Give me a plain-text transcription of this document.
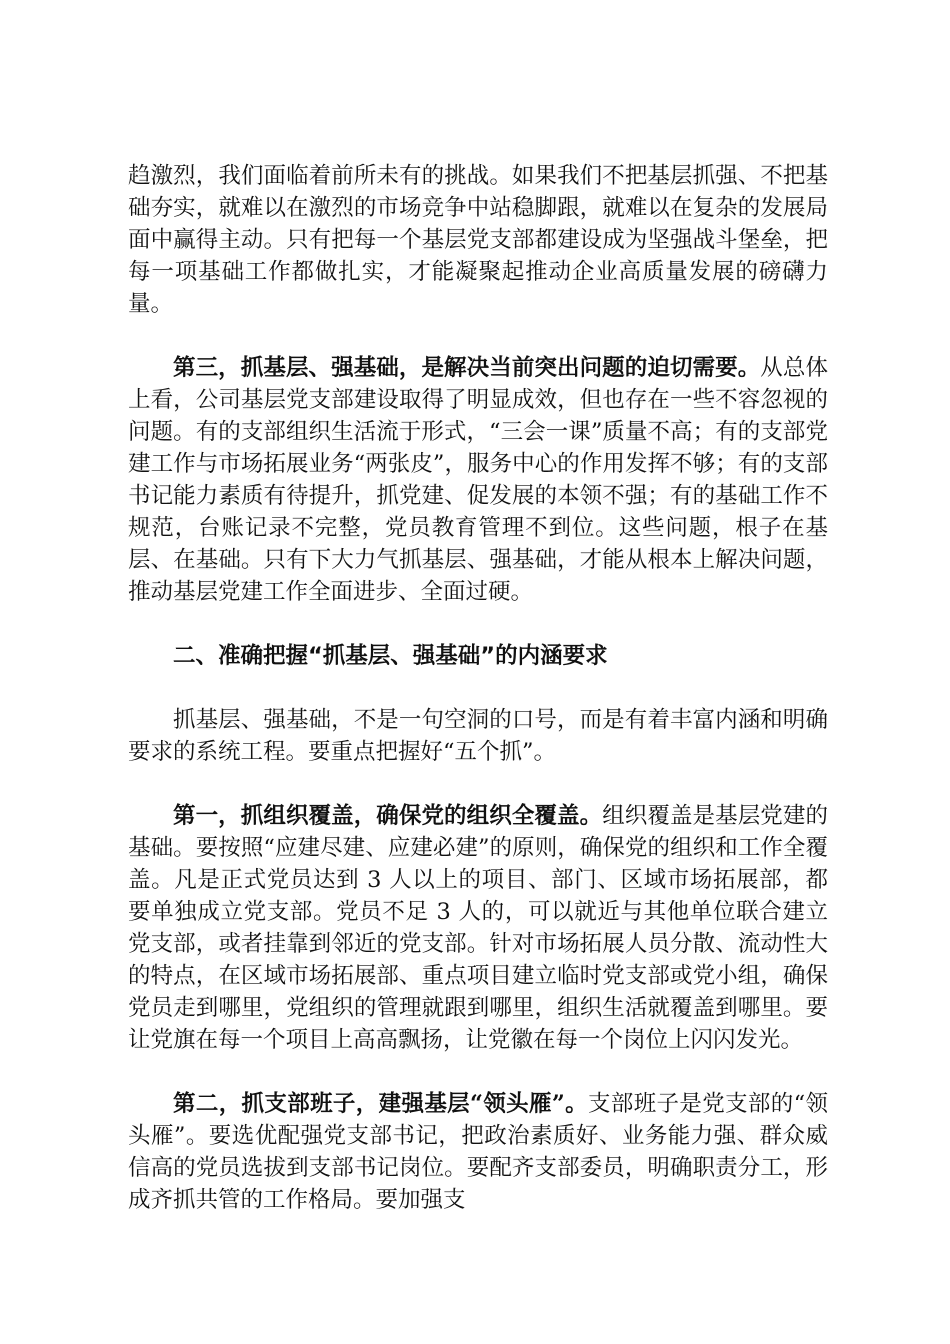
趋激烈，我们面临着前所未有的挑战。如果我们不把基层抓强、不把基础夯实，就难以在激烈的市场竞争中站稳脚跟，就难以在复杂的发展局面中赢得主动。只有把每一个基层党支部都建设成为坚强战斗堡垒，把每一项基础工作都做扎实，才能凝聚起推动企业高质量发展的磅礴力量。

第三，抓基层、强基础，是解决当前突出问题的迫切需要。从总体上看，公司基层党支部建设取得了明显成效，但也存在一些不容忽视的问题。有的支部组织生活流于形式，“三会一课”质量不高；有的支部党建工作与市场拓展业务“两张皮”，服务中心的作用发挥不够；有的支部书记能力素质有待提升，抓党建、促发展的本领不强；有的基础工作不规范，台账记录不完整，党员教育管理不到位。这些问题，根子在基层、在基础。只有下大力气抓基层、强基础，才能从根本上解决问题，推动基层党建工作全面进步、全面过硬。

二、准确把握“抓基层、强基础”的内涵要求

抓基层、强基础，不是一句空洞的口号，而是有着丰富内涵和明确要求的系统工程。要重点把握好“五个抓”。

第一，抓组织覆盖，确保党的组织全覆盖。组织覆盖是基层党建的基础。要按照“应建尽建、应建必建”的原则，确保党的组织和工作全覆盖。凡是正式党员达到 3 人以上的项目、部门、区域市场拓展部，都要单独成立党支部。党员不足 3 人的，可以就近与其他单位联合建立党支部，或者挂靠到邻近的党支部。针对市场拓展人员分散、流动性大的特点，在区域市场拓展部、重点项目建立临时党支部或党小组，确保党员走到哪里，党组织的管理就跟到哪里，组织生活就覆盖到哪里。要让党旗在每一个项目上高高飘扬，让党徽在每一个岗位上闪闪发光。

第二，抓支部班子，建强基层“领头雁”。支部班子是党支部的“领头雁”。要选优配强党支部书记，把政治素质好、业务能力强、群众威信高的党员选拔到支部书记岗位。要配齐支部委员，明确职责分工，形成齐抓共管的工作格局。要加强支
